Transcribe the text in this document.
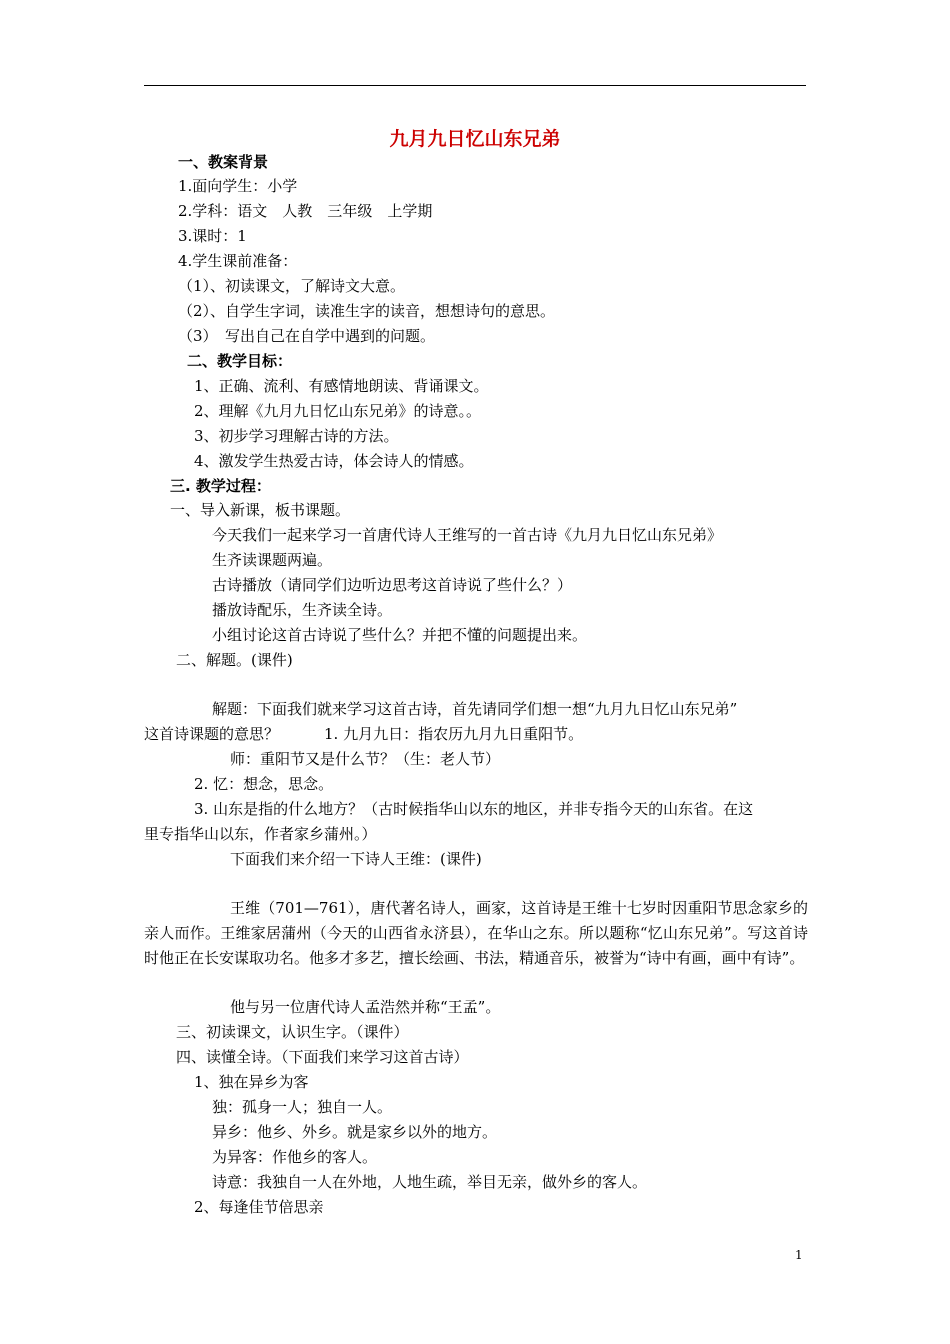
九月九日忆山东兄弟
一、教案背景
1.面向学生：小学
2.学科：语文　人教　三年级　上学期
3.课时：1
4.学生课前准备：
（1）、初读课文，了解诗文大意。
（2）、自学生字词，读准生字的读音，想想诗句的意思。
（3）　写出自己在自学中遇到的问题。
二、教学目标：
1、正确、流利、有感情地朗读、背诵课文。
2、理解《九月九日忆山东兄弟》的诗意。。
3、初步学习理解古诗的方法。
4、激发学生热爱古诗，体会诗人的情感。
三. 教学过程：
一、导入新课，板书课题。
今天我们一起来学习一首唐代诗人王维写的一首古诗《九月九日忆山东兄弟》
生齐读课题两遍。
古诗播放（请同学们边听边思考这首诗说了些什么？）
播放诗配乐，生齐读全诗。
小组讨论这首古诗说了些什么？并把不懂的问题提出来。
二、解题。(课件)
解题：下面我们就来学习这首古诗，首先请同学们想一想“九月九日忆山东兄弟”
这首诗课题的意思？　　　1. 九月九日：指农历九月九日重阳节。
师：重阳节又是什么节？（生：老人节）
2. 忆：想念，思念。
3. 山东是指的什么地方？（古时候指华山以东的地区，并非专指今天的山东省。在这
里专指华山以东，作者家乡蒲州。）
下面我们来介绍一下诗人王维：(课件)
王维（701—761），唐代著名诗人，画家，这首诗是王维十七岁时因重阳节思念家乡的亲人而作。王维家居蒲州（今天的山西省永济县），在华山之东。所以题称“忆山东兄弟”。写这首诗时他正在长安谋取功名。他多才多艺，擅长绘画、书法，精通音乐，被誉为“诗中有画，画中有诗”。
他与另一位唐代诗人孟浩然并称“王孟”。
三、初读课文，认识生字。（课件）
四、读懂全诗。（下面我们来学习这首古诗）
1、独在异乡为客
独：孤身一人；独自一人。
异乡：他乡、外乡。就是家乡以外的地方。
为异客：作他乡的客人。
诗意：我独自一人在外地，人地生疏，举目无亲，做外乡的客人。
2、每逢佳节倍思亲
1
